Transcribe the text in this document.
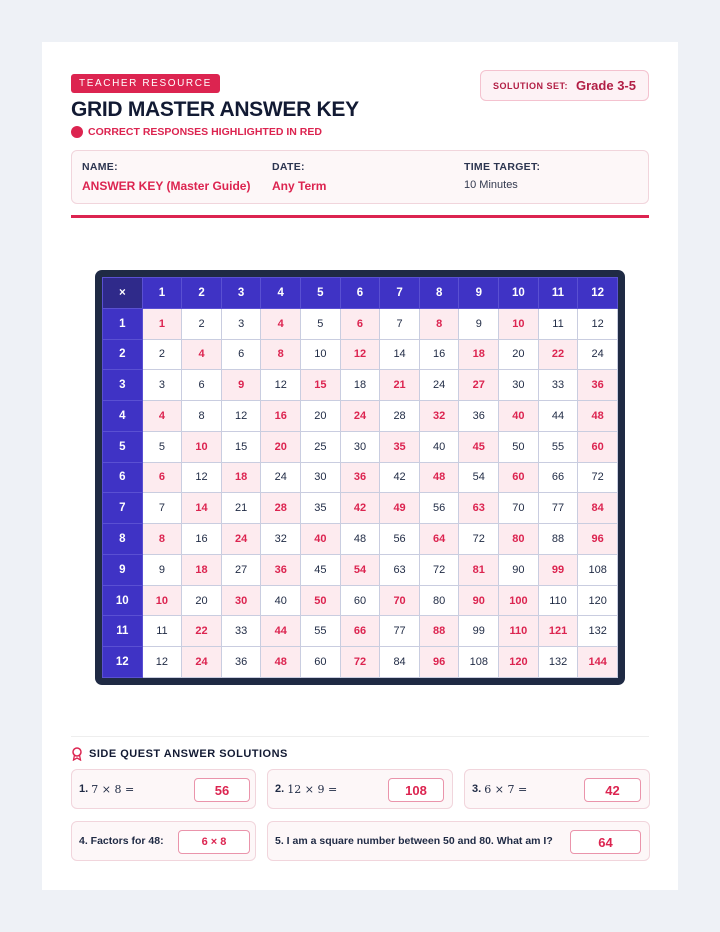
TEACHER RESOURCE
GRID MASTER ANSWER KEY
CORRECT RESPONSES HIGHLIGHTED IN RED
SOLUTION SET: Grade 3-5
NAME:
ANSWER KEY (Master Guide)
DATE:
Any Term
TIME TARGET:
10 Minutes
×	1	2	3	4	5	6	7	8	9	10	11	12
1	1	2	3	4	5	6	7	8	9	10	11	12
2	2	4	6	8	10	12	14	16	18	20	22	24
3	3	6	9	12	15	18	21	24	27	30	33	36
4	4	8	12	16	20	24	28	32	36	40	44	48
5	5	10	15	20	25	30	35	40	45	50	55	60
6	6	12	18	24	30	36	42	48	54	60	66	72
7	7	14	21	28	35	42	49	56	63	70	77	84
8	8	16	24	32	40	48	56	64	72	80	88	96
9	9	18	27	36	45	54	63	72	81	90	99	108
10	10	20	30	40	50	60	70	80	90	100	110	120
11	11	22	33	44	55	66	77	88	99	110	121	132
12	12	24	36	48	60	72	84	96	108	120	132	144
SIDE QUEST ANSWER SOLUTIONS
1.
7 × 8 =	56	2.
12 × 9 =	108	3.
6 × 7 =	42
4. Factors for 48:	6 × 8	5. I am a square number between 50 and 80. What am I?	64
